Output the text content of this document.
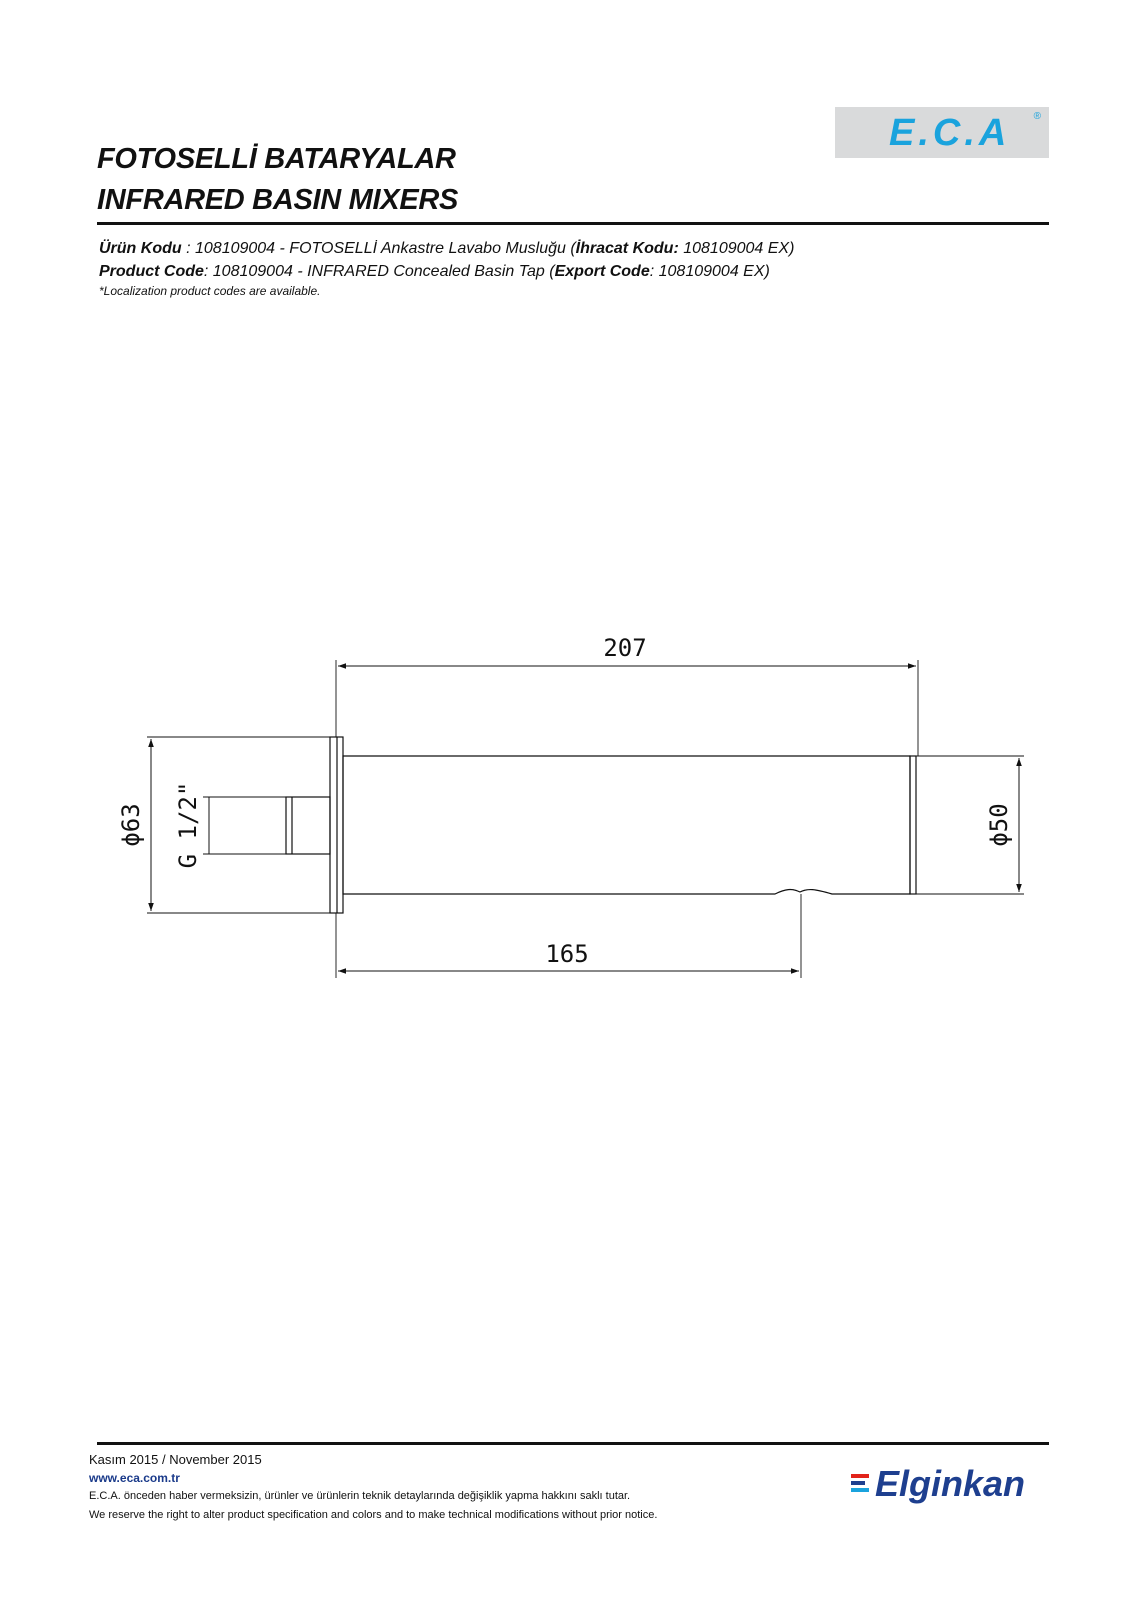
E.C.A ®
FOTOSELLİ BATARYALAR
INFRARED BASIN MIXERS
Ürün Kodu : 108109004 - FOTOSELLİ Ankastre Lavabo Musluğu (İhracat Kodu: 108109004 EX)
Product Code: 108109004 - INFRARED Concealed Basin Tap (Export Code: 108109004 EX)
*Localization product codes are available.
207
165
ϕ63 G 1/2"	ϕ50
Kasım 2015 / November 2015
www.eca.com.tr
E.C.A. önceden haber vermeksizin, ürünler ve ürünlerin teknik detaylarında değişiklik yapma hakkını saklı tutar.
We reserve the right to alter product specification and colors and to make technical modifications without prior notice.
Elginkan
